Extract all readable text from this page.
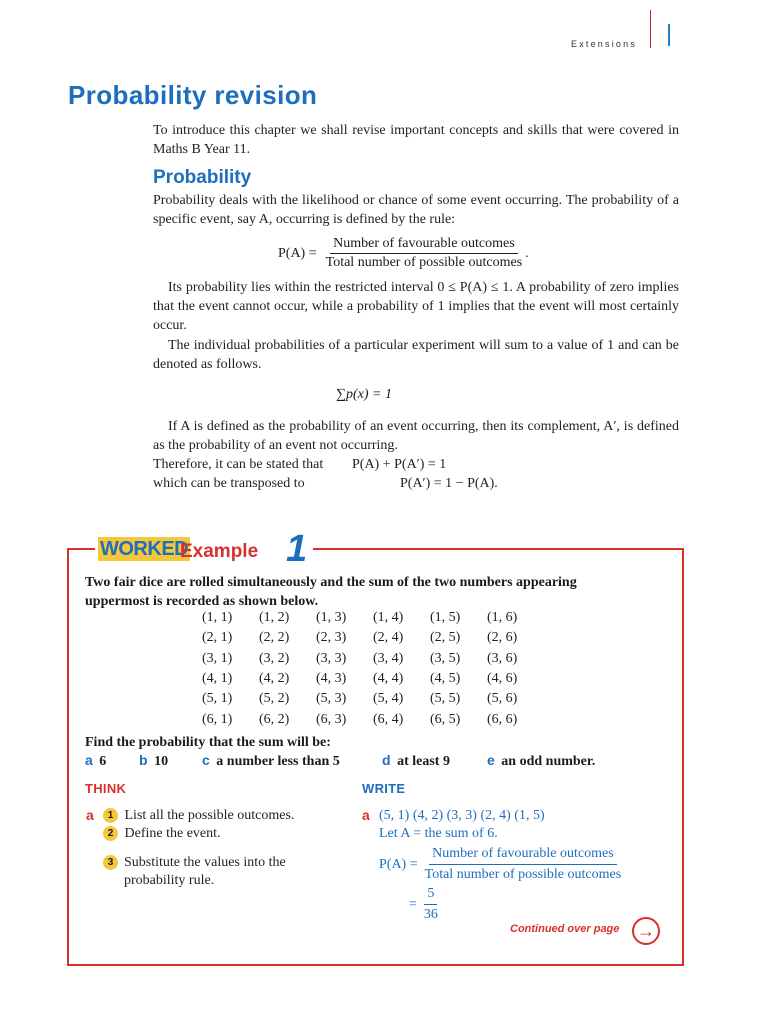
Extensions
Probability revision
To introduce this chapter we shall revise important concepts and skills that were covered in Maths B Year 11.
Probability
Probability deals with the likelihood or chance of some event occurring. The probability of a specific event, say A, occurring is defined by the rule:
$P(A) = \frac{\text{Number of favourable outcomes}}{\text{Total number of possible outcomes}}$ .
Its probability lies within the restricted interval 0 ≤ P(A) ≤ 1. A probability of zero implies that the event cannot occur, while a probability of 1 implies that the event will most certainly occur.
The individual probabilities of a particular experiment will sum to a value of 1 and can be denoted as follows.
∑p(x) = 1
If A is defined as the probability of an event occurring, then its complement, A′, is defined as the probability of an event not occurring.
Therefore, it can be stated that P(A) + P(A′) = 1
which can be transposed to	P(A′) = 1 − P(A).
WORKED
Example 1
Two fair dice are rolled simultaneously and the sum of the two numbers appearing uppermost is recorded as shown below.
(1, 1)	(1, 2)	(1, 3)	(1, 4)	(1, 5)	(1, 6)
(2, 1)	(2, 2)	(2, 3)	(2, 4)	(2, 5)	(2, 6)
(3, 1)	(3, 2)	(3, 3)	(3, 4)	(3, 5)	(3, 6)
(4, 1)	(4, 2)	(4, 3)	(4, 4)	(4, 5)	(4, 6)
(5, 1)	(5, 2)	(5, 3)	(5, 4)	(5, 5)	(5, 6)
(6, 1)	(6, 2)	(6, 3)	(6, 4)	(6, 5)	(6, 6)
Find the probability that the sum will be:
a 6 b 10 c a number less than 5	d at least 9	e an odd number.
THINK	WRITE
a	1 List all the possible outcomes.
2 Define the event.
3 Substitute the values into the probability rule.
a (5, 1) (4, 2) (3, 3) (2, 4) (1, 5)
Let A = the sum of 6.
$P(A) = \frac{\text{Number of favourable outcomes}}{\text{Total number of possible outcomes}}$
= $\frac{5}{36}$
Continued over page →
